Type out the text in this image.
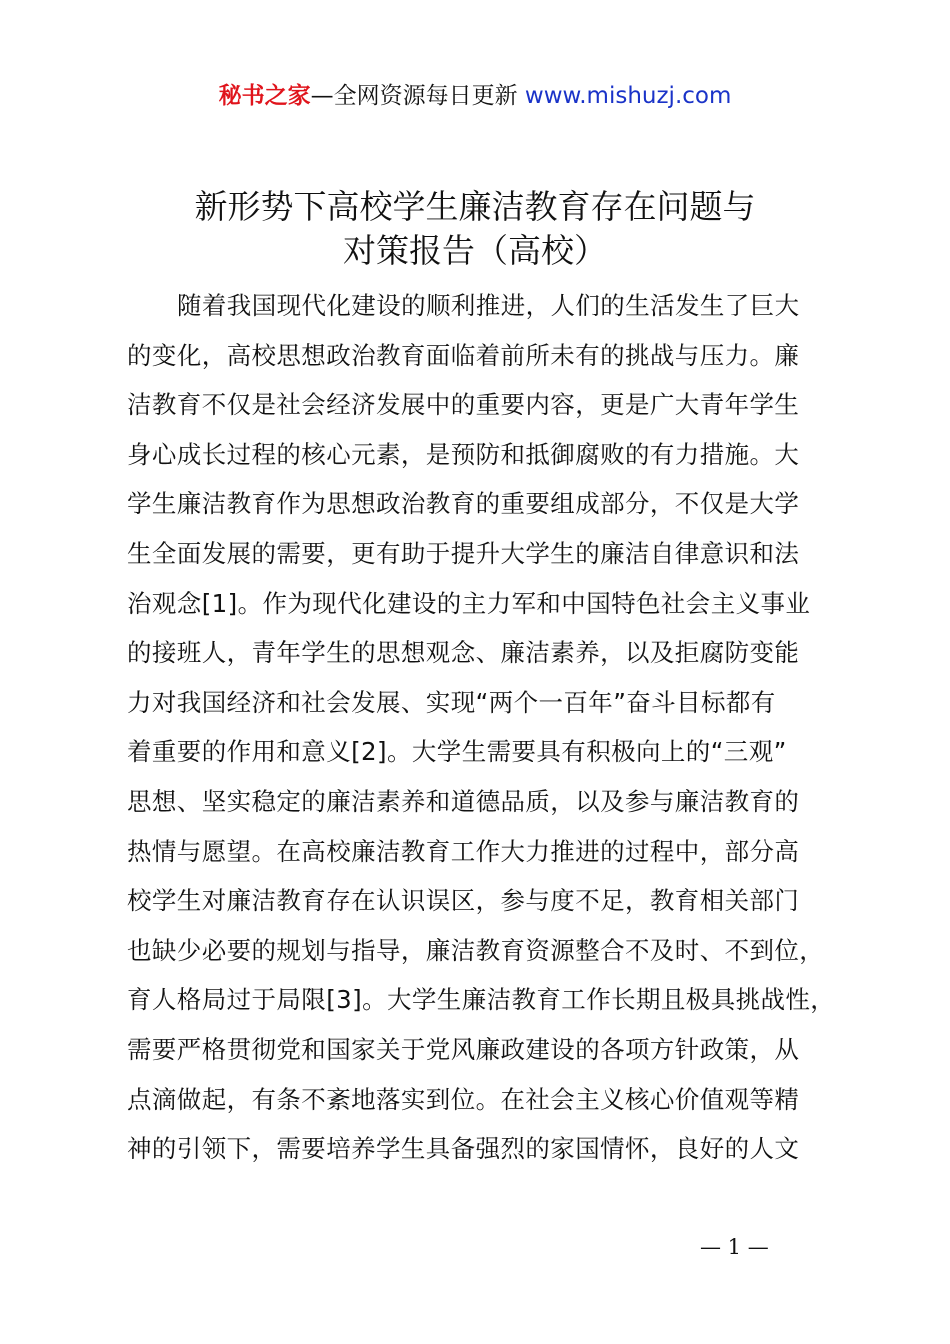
秘书之家—全网资源每日更新 www.mishuzj.com
新形势下高校学生廉洁教育存在问题与
对策报告（高校）
随着我国现代化建设的顺利推进，人们的生活发生了巨大
的变化，高校思想政治教育面临着前所未有的挑战与压力。廉
洁教育不仅是社会经济发展中的重要内容，更是广大青年学生
身心成长过程的核心元素，是预防和抵御腐败的有力措施。大
学生廉洁教育作为思想政治教育的重要组成部分，不仅是大学
生全面发展的需要，更有助于提升大学生的廉洁自律意识和法
治观念[1]。作为现代化建设的主力军和中国特色社会主义事业
的接班人，青年学生的思想观念、廉洁素养，以及拒腐防变能
力对我国经济和社会发展、实现“两个一百年”奋斗目标都有
着重要的作用和意义[2]。大学生需要具有积极向上的“三观”
思想、坚实稳定的廉洁素养和道德品质，以及参与廉洁教育的
热情与愿望。在高校廉洁教育工作大力推进的过程中，部分高
校学生对廉洁教育存在认识误区，参与度不足，教育相关部门
也缺少必要的规划与指导，廉洁教育资源整合不及时、不到位，
育人格局过于局限[3]。大学生廉洁教育工作长期且极具挑战性，
需要严格贯彻党和国家关于党风廉政建设的各项方针政策，从
点滴做起，有条不紊地落实到位。在社会主义核心价值观等精
神的引领下，需要培养学生具备强烈的家国情怀，良好的人文
— 1 —
